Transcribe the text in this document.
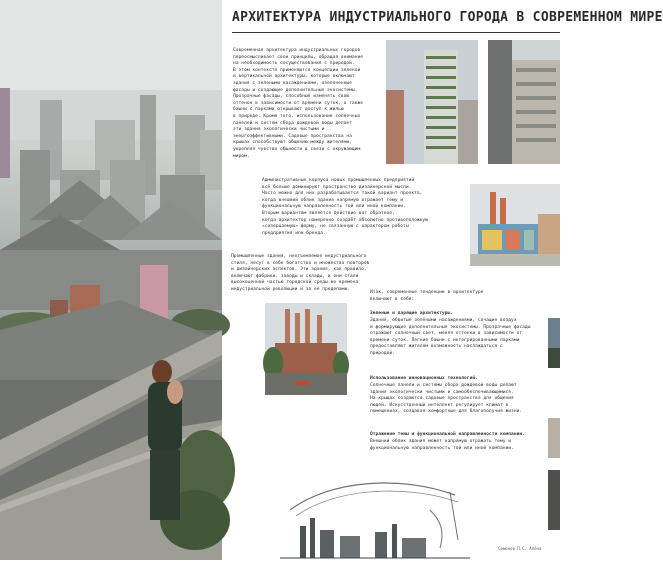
АРХИТЕКТУРА ИНДУСТРИАЛЬНОГО ГОРОДА В СОВРЕМЕННОМ МИРЕ
Современная архитектура индустриальных городов
переосмысливает свои принципы, обращая внимание
на необходимость сосуществования с природой.
В этом контексте применяются концепции зеленой
и вертикальной архитектуры, которые включают
здания с зелеными насаждениями, озелененные
фасады и создающие дополнительные экосистемы.
Прозрачные фасады, способные изменять свою
оттенок в зависимости от времени суток, а также
башни с парками открывают доступ к жилью
в природе. Кроме того, использование солнечных
панелей и систем сбора дождевой воды делает
эти здания экологически чистыми и
энергоэффективными. Садовые пространства на
крышах способствуют общению между жителями,
укрепляя чувство общности в связи с окружающим
миром.
Административные корпуса новых промышленных предприятий
всё больше доминируют пространство дизайнерской мысли.
Часто можно для них разрабатывается такой вариант проекта,
когда внешний облик здания напрямую отражает тему и
функциональную направленность той или иной компании.
Вторым вариантом является действие вот обратное,
когда архитектор намеренно создаёт абсолютно противоположную
«созерцаемую» форму, не связанную с характером работы
предприятия или бренда.
Промышленные здания, неотъемлемое индустриального
стиля, несут в себе богатство и множество повторов
и дизайнерских аспектов. Эти здания, как правило,
включают фабрики, заводы и склады, и они стали
высокоценной частью городской среды во времена
индустриальной революции и за ее пределами.
Итак, современные тенденции в архитектуре
включают в себя:
Зеленые и парящие архитектуры.
Здания, обвитые зелёными насаждениями, сочащие воздух
и формирующие дополнительные экосистемы. Прозрачные фасады
отражают солнечный свет, меняя оттенки в зависимости от
времени суток. Легкие башни с интегрированными парками
предоставляют жителям возможность наслаждаться с
природой.
Использование инновационных технологий.
Солнечные панели и системы сбора дождевой воды делают
здания экологически чистыми и самообеспечивающимися.
На крышах создаются садовые пространства для общения
людей. Искусственный интеллект регулирует климат в
помещениях, создавая комфортные для благополучия жизни.
Отражение темы и функциональной направленности компании.
Внешний облик здания может напрямую отражать тему и
функциональную направленность той или иной компании.
Семенов П.С. Алёна
